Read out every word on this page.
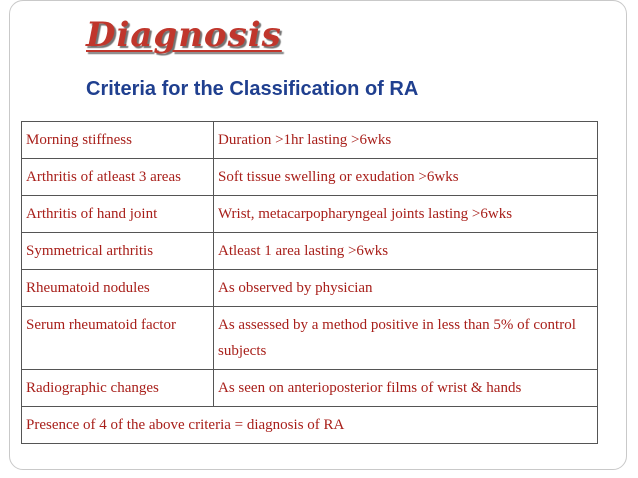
Diagnosis
Criteria for the Classification of RA
Morning stiffness	Duration >1hr lasting >6wks
Arthritis of atleast 3 areas	Soft tissue swelling or exudation >6wks
Arthritis of hand joint	Wrist, metacarpopharyngeal joints lasting >6wks
Symmetrical arthritis	Atleast 1 area lasting >6wks
Rheumatoid nodules	As observed by physician
Serum rheumatoid factor	As assessed by a method positive in less than 5% of control subjects
Radiographic changes	As seen on anterioposterior films of wrist & hands
Presence of 4 of the above criteria = diagnosis of RA	
